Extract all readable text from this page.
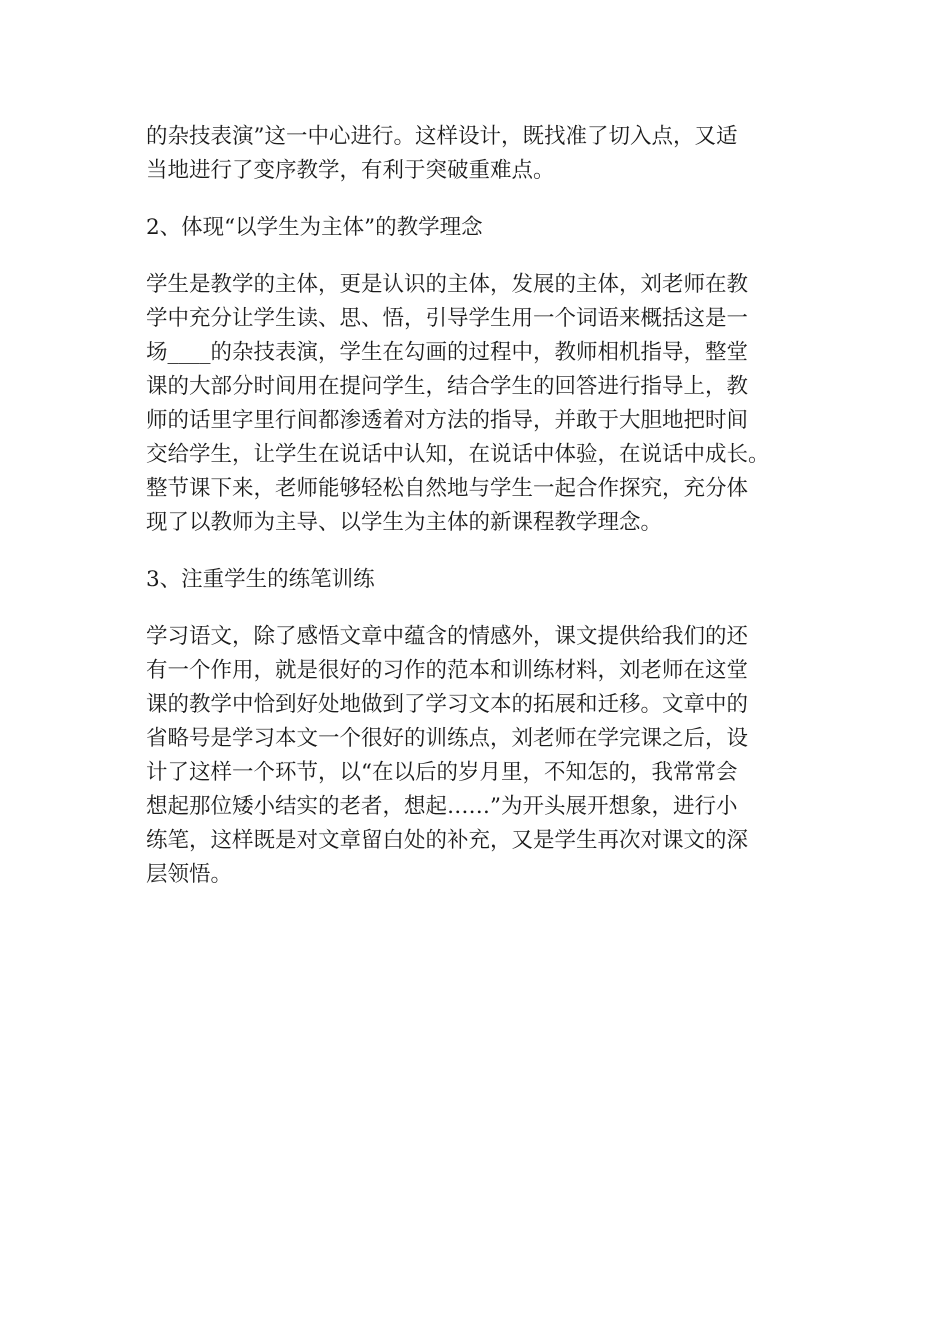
的杂技表演”这一中心进行。这样设计，既找准了切入点，又适
当地进行了变序教学，有利于突破重难点。

2、体现“以学生为主体”的教学理念

学生是教学的主体，更是认识的主体，发展的主体，刘老师在教
学中充分让学生读、思、悟，引导学生用一个词语来概括这是一
场____的杂技表演，学生在勾画的过程中，教师相机指导，整堂
课的大部分时间用在提问学生，结合学生的回答进行指导上，教
师的话里字里行间都渗透着对方法的指导，并敢于大胆地把时间
交给学生，让学生在说话中认知，在说话中体验，在说话中成长。
整节课下来，老师能够轻松自然地与学生一起合作探究，充分体
现了以教师为主导、以学生为主体的新课程教学理念。

3、注重学生的练笔训练

学习语文，除了感悟文章中蕴含的情感外，课文提供给我们的还
有一个作用，就是很好的习作的范本和训练材料，刘老师在这堂
课的教学中恰到好处地做到了学习文本的拓展和迁移。文章中的
省略号是学习本文一个很好的训练点，刘老师在学完课之后，设
计了这样一个环节，以“在以后的岁月里，不知怎的，我常常会
想起那位矮小结实的老者，想起……”为开头展开想象，进行小
练笔，这样既是对文章留白处的补充，又是学生再次对课文的深
层领悟。
